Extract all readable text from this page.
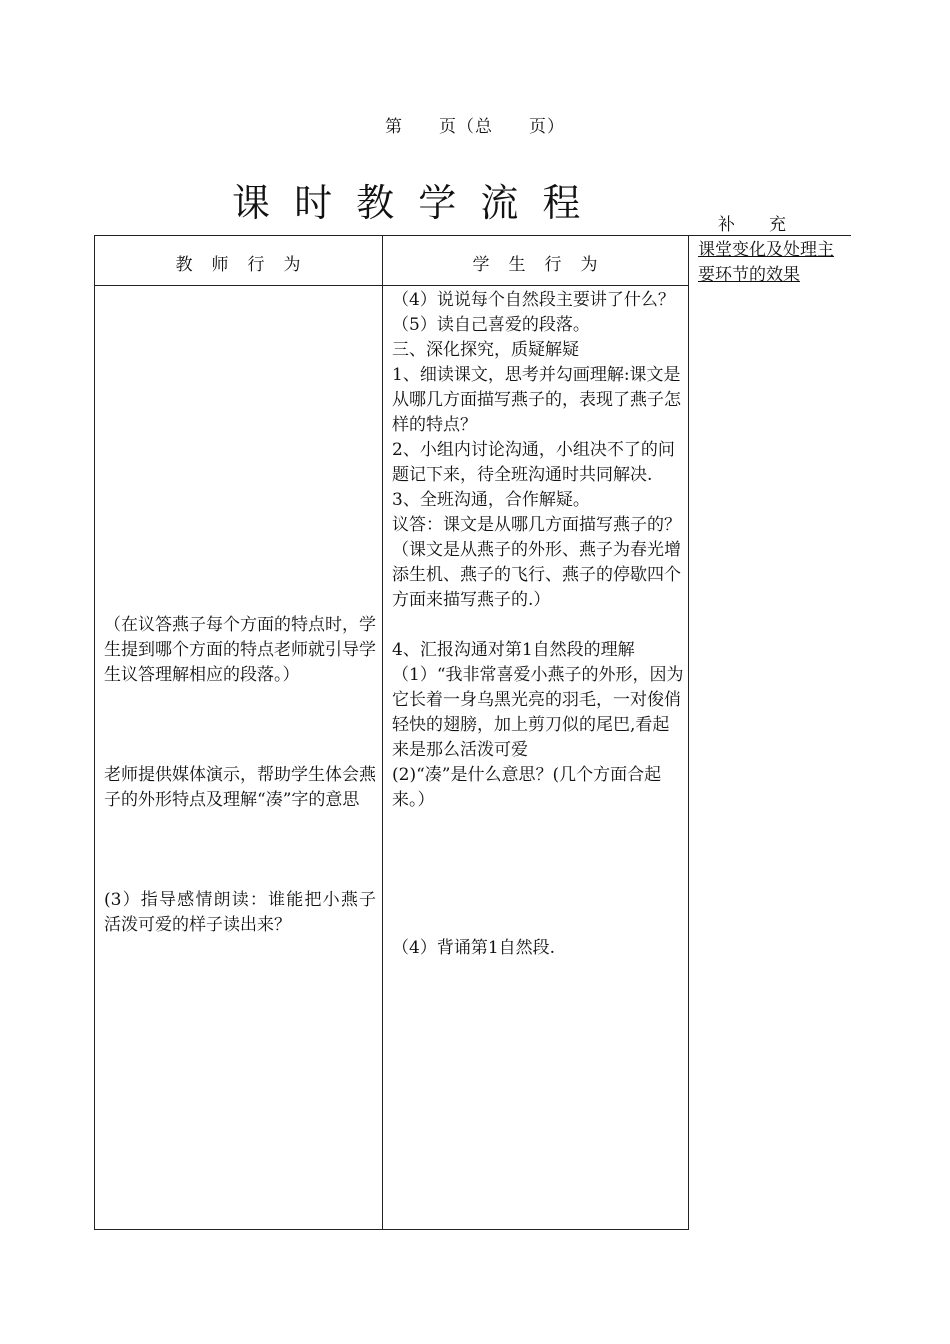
第　　页（总　　页）
课 时 教 学 流 程	补　　充
教　师　行　为	学　生　行　为
课堂变化及处理主要环节的效果
（在议答燕子每个方面的特点时，学生提到哪个方面的特点老师就引导学生议答理解相应的段落。）
老师提供媒体演示，帮助学生体会燕子的外形特点及理解“凑”字的意思
(3）指导感情朗读：谁能把小燕子活泼可爱的样子读出来？
（4）说说每个自然段主要讲了什么？
（5）读自己喜爱的段落。
三、深化探究，质疑解疑
1、细读课文，思考并勾画理解:课文是从哪几方面描写燕子的，表现了燕子怎样的特点？
2、小组内讨论沟通，小组决不了的问题记下来，待全班沟通时共同解决.
3、全班沟通，合作解疑。
议答：课文是从哪几方面描写燕子的？
（课文是从燕子的外形、燕子为春光增添生机、燕子的飞行、燕子的停歇四个方面来描写燕子的.）
4、汇报沟通对第1自然段的理解
（1）“我非常喜爱小燕子的外形，因为它长着一身乌黑光亮的羽毛，一对俊俏轻快的翅膀，加上剪刀似的尾巴,看起来是那么活泼可爱
(2)“凑”是什么意思？(几个方面合起来。）
（4）背诵第1自然段.
